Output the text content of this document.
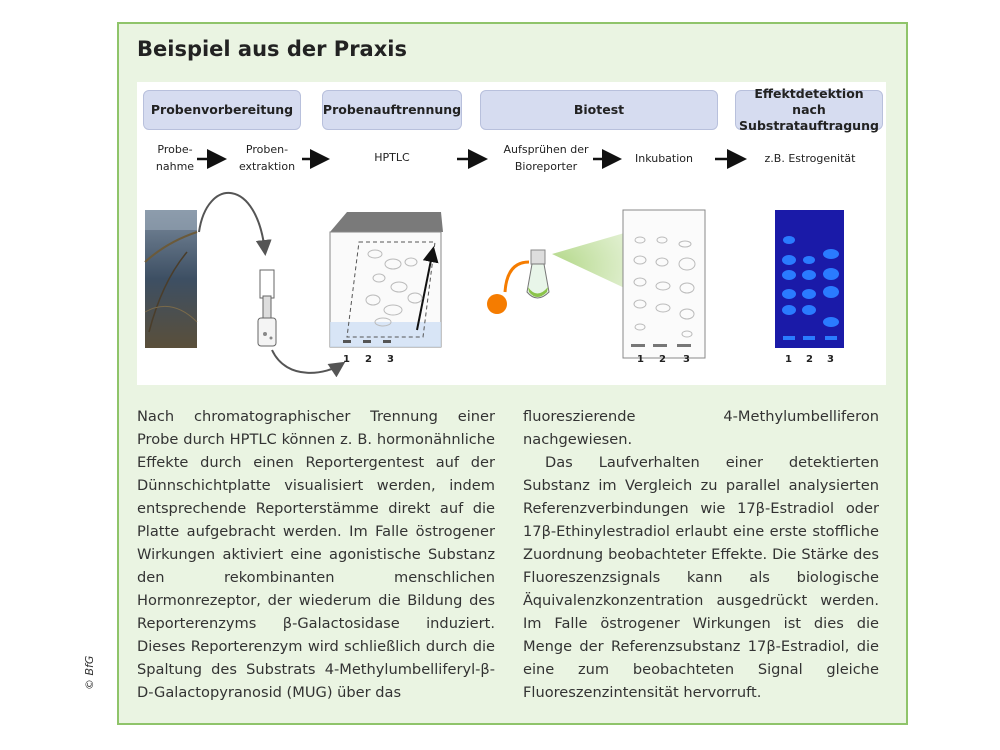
Beispiel aus der Praxis
Probenvorbereitung	Probenauftrennung	Biotest
Effektdetektion nach Substratauftragung
Probe-
nahme
Proben-
extraktion
HPTLC
Aufsprühen der
Bioreporter
Inkubation	z.B. Estrogenität
1 2 3	1 2 3	1 2 3

Nach chromatographischer Trennung einer Probe durch HPTLC können z. B. hormonähnliche Effekte durch einen Reportergentest auf der Dünnschichtplatte visualisiert werden, indem entsprechende Reporterstämme direkt auf die Platte aufgebracht werden. Im Falle östrogener Wirkungen aktiviert eine agonistische Substanz den rekombinanten menschlichen Hormonrezeptor, der wiederum die Bildung des Reporterenzyms β-Galactosidase induziert. Dieses Reporterenzym wird schließlich durch die Spaltung des Substrats 4-Methylumbelliferyl-β-D-Galactopyranosid (MUG) über das

fluoreszierende 4-Methylumbelliferon nachgewiesen.

Das Laufverhalten einer detektierten Substanz im Vergleich zu parallel analysierten Referenzverbindungen wie 17β-Estradiol oder 17β-Ethinylestradiol erlaubt eine erste stoffliche Zuordnung beobachteter Effekte. Die Stärke des Fluoreszenzsignals kann als biologische Äquivalenzkonzentration ausgedrückt werden. Im Falle östrogener Wirkungen ist dies die Menge der Referenzsubstanz 17β-Estradiol, die eine zum beobachteten Signal gleiche Fluoreszenzintensität hervorruft.

© BfG
